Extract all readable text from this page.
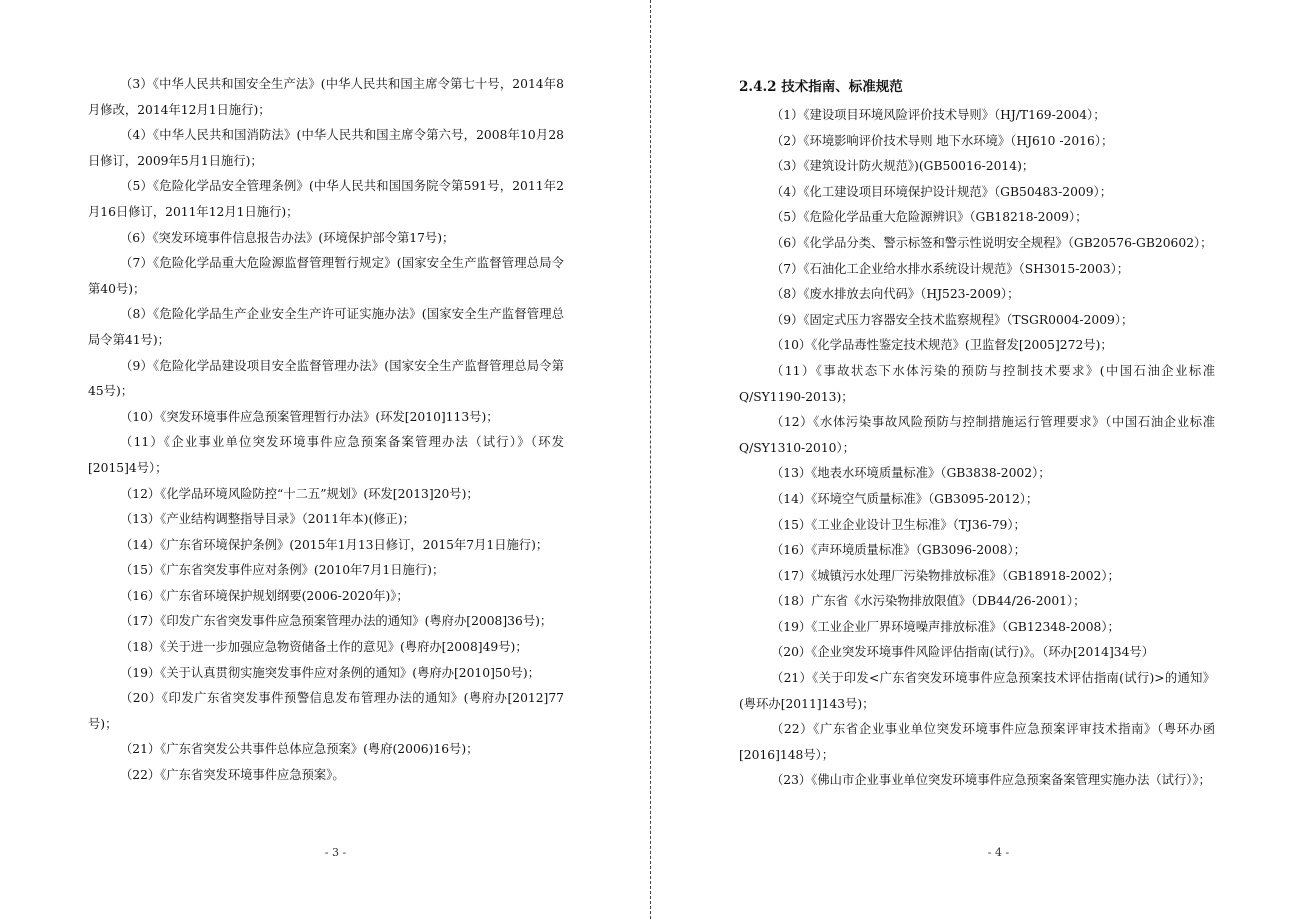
（3）《中华人民共和国安全生产法》(中华人民共和国主席令第七十号，2014年8月修改，2014年12月1日施行)；

（4）《中华人民共和国消防法》(中华人民共和国主席令第六号，2008年10月28日修订，2009年5月1日施行)；

（5）《危险化学品安全管理条例》(中华人民共和国国务院令第591号，2011年2月16日修订，2011年12月1日施行)；

（6）《突发环境事件信息报告办法》(环境保护部令第17号)；

（7）《危险化学品重大危险源监督管理暂行规定》(国家安全生产监督管理总局令第40号)；

（8）《危险化学品生产企业安全生产许可证实施办法》(国家安全生产监督管理总局令第41号)；

（9）《危险化学品建设项目安全监督管理办法》(国家安全生产监督管理总局令第45号)；

（10）《突发环境事件应急预案管理暂行办法》(环发[2010]113号)；

（11）《企业事业单位突发环境事件应急预案备案管理办法（试行）》（环发[2015]4号）；

（12）《化学品环境风险防控“十二五”规划》(环发[2013]20号)；

（13）《产业结构调整指导目录》（2011年本)(修正)；

（14）《广东省环境保护条例》(2015年1月13日修订，2015年7月1日施行)；

（15）《广东省突发事件应对条例》(2010年7月1日施行)；

（16）《广东省环境保护规划纲要(2006-2020年)》；

（17）《印发广东省突发事件应急预案管理办法的通知》(粤府办[2008]36号)；

（18）《关于进一步加强应急物资储备土作的意见》(粤府办[2008]49号)；

（19）《关于认真贯彻实施突发事件应对条例的通知》(粤府办[2010]50号)；

（20）《印发广东省突发事件预警信息发布管理办法的通知》(粤府办[2012]77号)；

（21）《广东省突发公共事件总体应急预案》(粤府(2006)16号)；

（22）《广东省突发环境事件应急预案》。

- 3 -

2.4.2 技术指南、标准规范

（1）《建设项目环境风险评价技术导则》（HJ/T169-2004）；

（2）《环境影响评价技术导则 地下水环境》（HJ610 -2016）；

（3）《建筑设计防火规范》)(GB50016-2014)；

（4）《化工建设项目环境保护设计规范》（GB50483-2009）；

（5）《危险化学品重大危险源辨识》（GB18218-2009）；

（6）《化学品分类、警示标签和警示性说明安全规程》（GB20576-GB20602）；

（7）《石油化工企业给水排水系统设计规范》（SH3015-2003）；

（8）《废水排放去向代码》（HJ523-2009）；

（9）《固定式压力容器安全技术监察规程》（TSGR0004-2009）；

（10）《化学品毒性鉴定技术规范》(卫监督发[2005]272号)；

（11）《事故状态下水体污染的预防与控制技术要求》(中国石油企业标准Q/SY1190-2013)；

（12）《水体污染事故风险预防与控制措施运行管理要求》（中国石油企业标准Q/SY1310-2010）；

（13）《地表水环境质量标准》（GB3838-2002）；

（14）《环境空气质量标准》（GB3095-2012）；

（15）《工业企业设计卫生标准》（TJ36-79）；

（16）《声环境质量标准》（GB3096-2008）；

（17）《城镇污水处理厂污染物排放标准》（GB18918-2002）；

（18）广东省《水污染物排放限值》（DB44/26-2001）；

（19）《工业企业厂界环境噪声排放标准》（GB12348-2008）；

（20）《企业突发环境事件风险评估指南(试行)》。（环办[2014]34号）

（21）《关于印发<广东省突发环境事件应急预案技术评估指南(试行)>的通知》(粤环办[2011]143号)；

（22）《广东省企业事业单位突发环境事件应急预案评审技术指南》（粤环办函[2016]148号）；

（23）《佛山市企业事业单位突发环境事件应急预案备案管理实施办法（试行）》；

- 4 -
